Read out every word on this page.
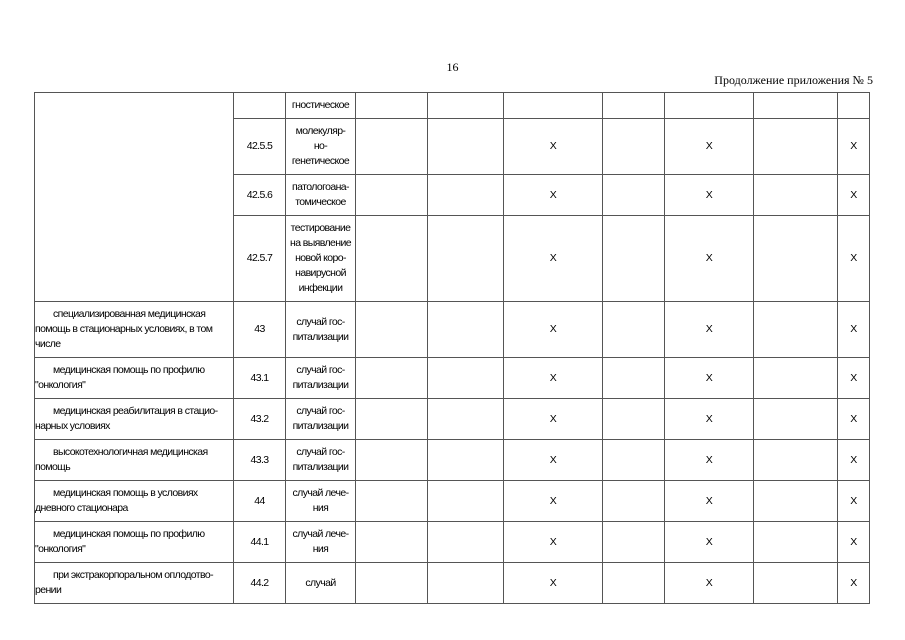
16
Продолжение приложения № 5
		гностическое							
	42.5.5	молекуляр-
но-
генетическое			Х		Х		Х
	42.5.6	патологоана-
томическое			Х		Х		Х
	42.5.7	тестирование
на выявление
новой коро-
навирусной
инфекции			Х		Х		Х
специализированная медицинская помощь в стационарных условиях, в том числе	43	случай гос-
питализации			Х		Х		Х
медицинская помощь по профилю "онкология"	43.1	случай гос-
питализации			Х		Х		Х
медицинская реабилитация в стацио-нарных условиях	43.2	случай гос-
питализации			Х		Х		Х
высокотехнологичная медицинская помощь	43.3	случай гос-
питализации			Х		Х		Х
медицинская помощь в условиях дневного стационара	44	случай лече-
ния			Х		Х		Х
медицинская помощь по профилю "онкология"	44.1	случай лече-
ния			Х		Х		Х
при экстракорпоральном оплодотво-рении	44.2	случай			Х		Х		Х
